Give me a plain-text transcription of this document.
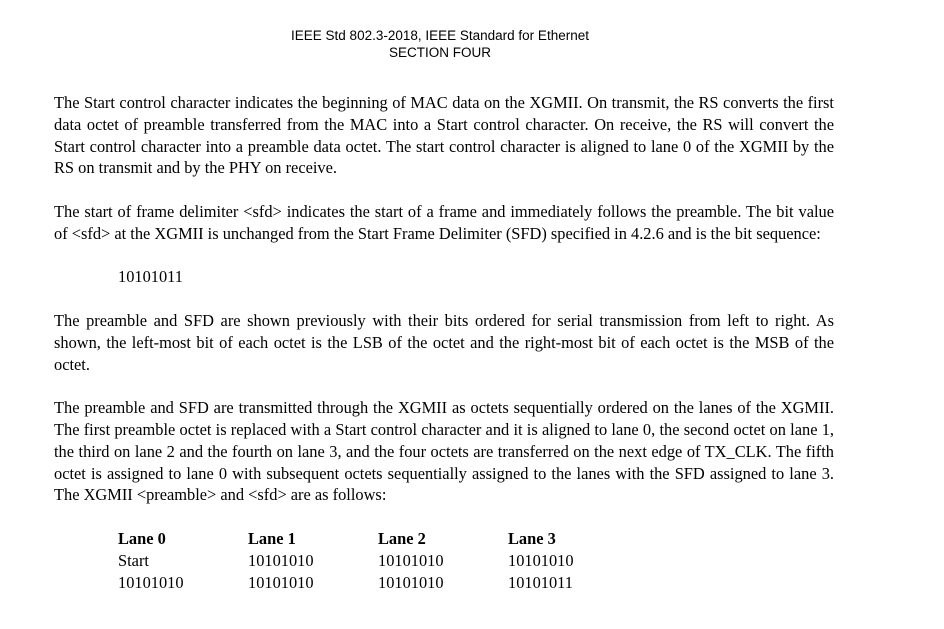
IEEE Std 802.3-2018, IEEE Standard for Ethernet
SECTION FOUR

The Start control character indicates the beginning of MAC data on the XGMII. On transmit, the RS converts the first data octet of preamble transferred from the MAC into a Start control character. On receive, the RS will convert the Start control character into a preamble data octet. The start control character is aligned to lane 0 of the XGMII by the RS on transmit and by the PHY on receive.

The start of frame delimiter <sfd> indicates the start of a frame and immediately follows the preamble. The bit value of <sfd> at the XGMII is unchanged from the Start Frame Delimiter (SFD) specified in 4.2.6 and is the bit sequence:

10101011

The preamble and SFD are shown previously with their bits ordered for serial transmission from left to right. As shown, the left-most bit of each octet is the LSB of the octet and the right-most bit of each octet is the MSB of the octet.

The preamble and SFD are transmitted through the XGMII as octets sequentially ordered on the lanes of the XGMII. The first preamble octet is replaced with a Start control character and it is aligned to lane 0, the second octet on lane 1, the third on lane 2 and the fourth on lane 3, and the four octets are transferred on the next edge of TX_CLK. The fifth octet is assigned to lane 0 with subsequent octets sequentially assigned to the lanes with the SFD assigned to lane 3. The XGMII <preamble> and <sfd> are as follows:

Lane 0	Lane 1	Lane 2	Lane 3
Start	10101010	10101010	10101010
10101010	10101010	10101010	10101011
